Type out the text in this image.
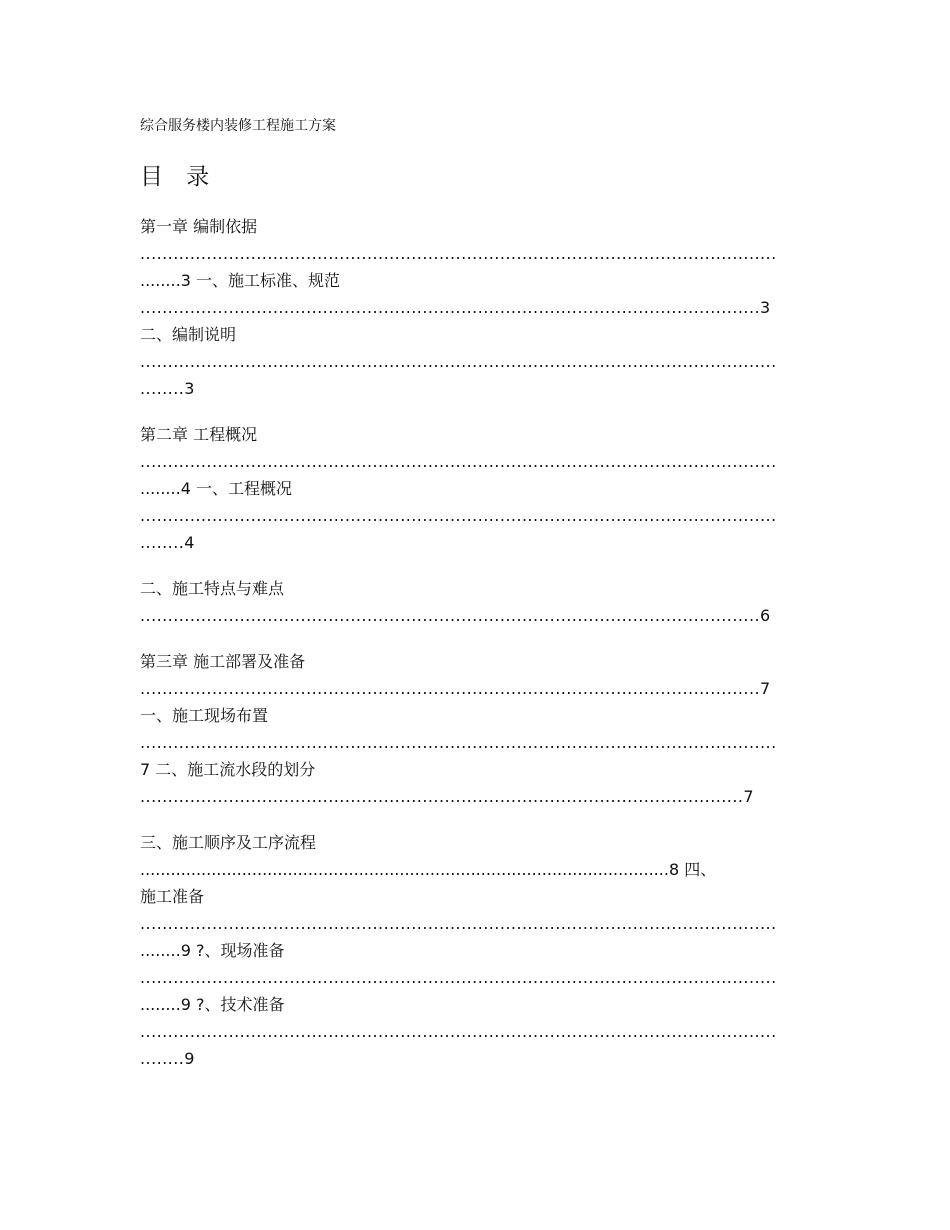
综合服务楼内装修工程施工方案
目 录
第一章 编制依据
...................................................................................................................
........3 一、施工标准、规范
................................................................................................................3
二、编制说明
...................................................................................................................
........3
第二章 工程概况
...................................................................................................................
........4 一、工程概况
...................................................................................................................
........4
二、施工特点与难点
................................................................................................................6
第三章 施工部署及准备
................................................................................................................7
一、施工现场布置
...................................................................................................................
7 二、施工流水段的划分
.............................................................................................................7
三、施工顺序及工序流程
........................................................................................................8 四、
施工准备
...................................................................................................................
........9 ?、现场准备
...................................................................................................................
........9 ?、技术准备
...................................................................................................................
........9
